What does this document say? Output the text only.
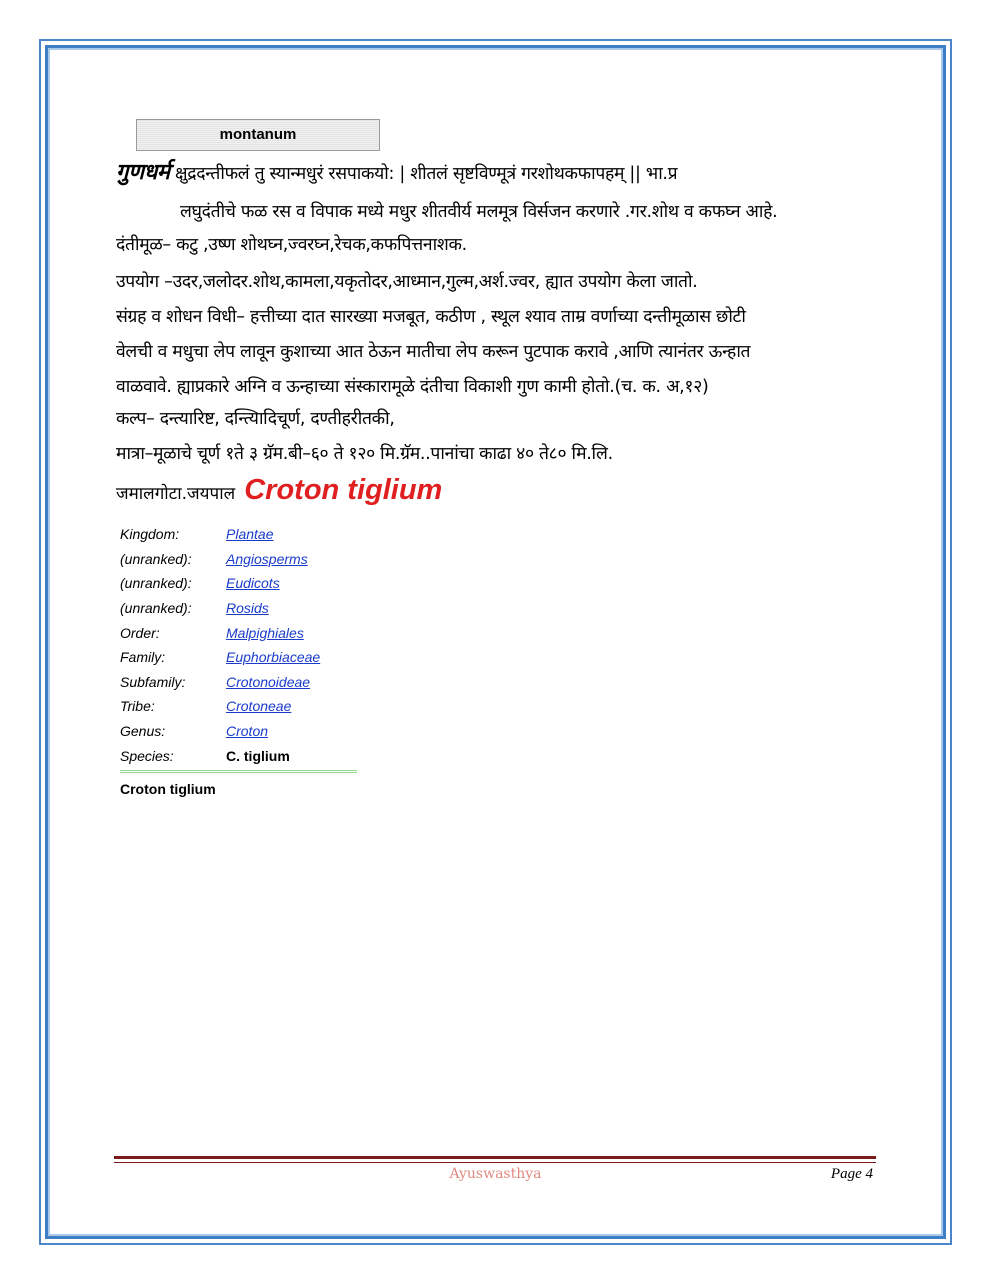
montanum
गुणधर्म क्षुद्रदन्तीफलं तु स्यान्मधुरं रसपाकयो: | शीतलं सृष्टविण्मूत्रं गरशोथकफापहम् || भा.प्र
लघुदंतीचे फळ रस व विपाक मध्ये मधुर शीतवीर्य मलमूत्र विर्सजन करणारे .गर.शोथ व कफघ्न आहे.
दंतीमूळ– कटु ,उष्ण शोथघ्न,ज्वरघ्न,रेचक,कफपित्तनाशक.
उपयोग –उदर,जलोदर.शोथ,कामला,यकृतोदर,आध्मान,गुल्म,अर्श.ज्वर, ह्यात उपयोग केला जातो.
संग्रह व शोधन विधी– हत्तीच्या दात सारख्या मजबूत, कठीण , स्थूल श्याव ताम्र वर्णाच्या दन्तीमूळास छोटी
वेलची व मधुचा लेप लावून कुशाच्या आत ठेऊन मातीचा लेप करून पुटपाक करावे ,आणि त्यानंतर ऊन्हात
वाळवावे. ह्याप्रकारे अग्नि व ऊन्हाच्या संस्कारामूळे दंतीचा विकाशी गुण कामी होतो.(च. क. अ,१२)
कल्प– दन्त्यारिष्ट, दन्त्यिादिचूर्ण, दण्तीहरीतकी,
मात्रा–मूळाचे चूर्ण १ते ३ ग्रॅम.बी–६० ते १२० मि.ग्रॅम..पानांचा काढा ४० ते८० मि.लि.
जमालगोटा.जयपाल Croton tiglium
Kingdom:	Plantae
(unranked):	Angiosperms
(unranked):	Eudicots
(unranked):	Rosids
Order:	Malpighiales
Family:	Euphorbiaceae
Subfamily:	Crotonoideae
Tribe:	Crotoneae
Genus:	Croton
Species:	C. tiglium
Croton tiglium
Ayuswasthya	Page 4
